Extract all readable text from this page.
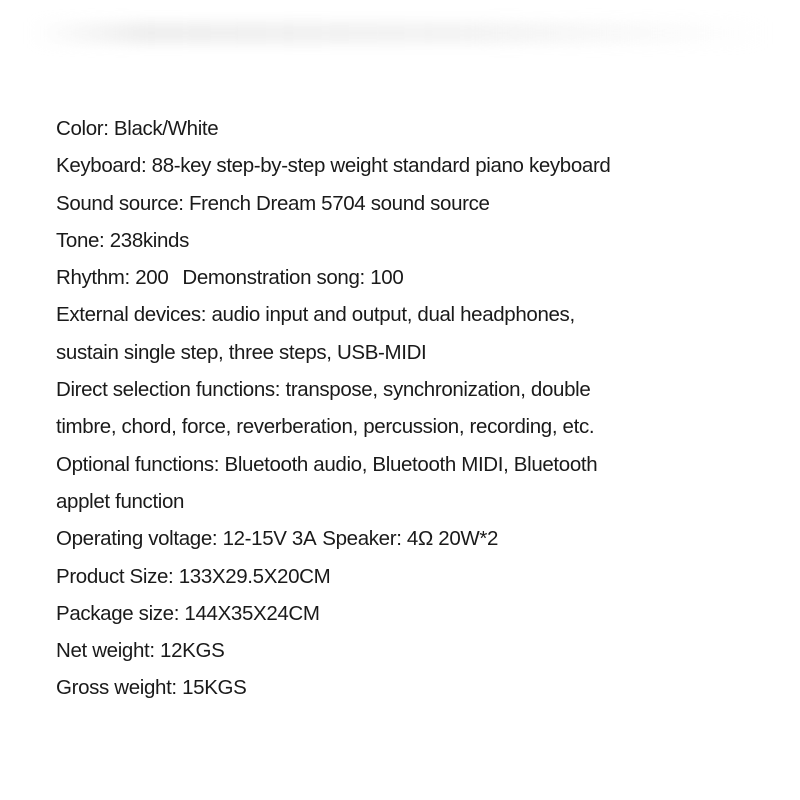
Color: Black/White
Keyboard: 88-key step-by-step weight standard piano keyboard
Sound source: French Dream 5704 sound source
Tone: 238kinds
Rhythm: 200 Demonstration song: 100
External devices: audio input and output, dual headphones,
sustain single step, three steps, USB-MIDI
Direct selection functions: transpose, synchronization, double
timbre, chord, force, reverberation, percussion, recording, etc.
Optional functions: Bluetooth audio, Bluetooth MIDI, Bluetooth
applet function
Operating voltage: 12-15V 3A Speaker: 4Ω 20W*2
Product Size: 133X29.5X20CM
Package size: 144X35X24CM
Net weight: 12KGS
Gross weight: 15KGS
